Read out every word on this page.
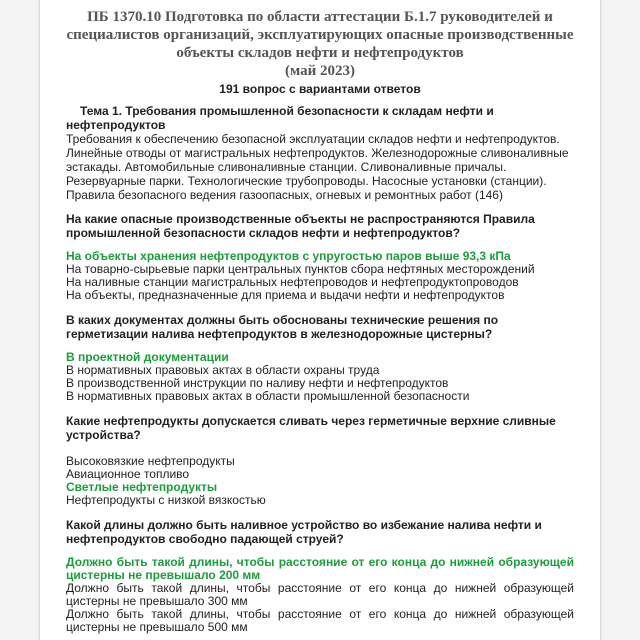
ПБ 1370.10 Подготовка по области аттестации Б.1.7 руководителей и специалистов организаций, эксплуатирующих опасные производственные объекты складов нефти и нефтепродуктов

(май 2023)

191 вопрос с вариантами ответов

Тема 1. Требования промышленной безопасности к складам нефти и нефтепродуктов

Требования к обеспечению безопасной эксплуатации складов нефти и нефтепродуктов. Линейные отводы от магистральных нефтепродуктов. Железнодорожные сливоналивные эстакады. Автомобильные сливоналивные станции. Сливоналивные причалы. Резервуарные парки. Технологические трубопроводы. Насосные установки (станции). Правила безопасного ведения газоопасных, огневых и ремонтных работ (146)

На какие опасные производственные объекты не распространяются Правила промышленной безопасности складов нефти и нефтепродуктов?

На объекты хранения нефтепродуктов с упругостью паров выше 93,3 кПа

На товарно-сырьевые парки центральных пунктов сбора нефтяных месторождений

На наливные станции магистральных нефтепроводов и нефтепродуктопроводов

На объекты, предназначенные для приема и выдачи нефти и нефтепродуктов

В каких документах должны быть обоснованы технические решения по герметизации налива нефтепродуктов в железнодорожные цистерны?

В проектной документации

В нормативных правовых актах в области охраны труда

В производственной инструкции по наливу нефти и нефтепродуктов

В нормативных правовых актах в области промышленной безопасности

Какие нефтепродукты допускается сливать через герметичные верхние сливные устройства?

Высоковязкие нефтепродукты

Авиационное топливо

Светлые нефтепродукты

Нефтепродукты с низкой вязкостью

Какой длины должно быть наливное устройство во избежание налива нефти и нефтепродуктов свободно падающей струей?

Должно быть такой длины, чтобы расстояние от его конца до нижней образующей цистерны не превышало 200 мм

Должно быть такой длины, чтобы расстояние от его конца до нижней образующей цистерны не превышало 300 мм

Должно быть такой длины, чтобы расстояние от его конца до нижней образующей цистерны не превышало 500 мм
